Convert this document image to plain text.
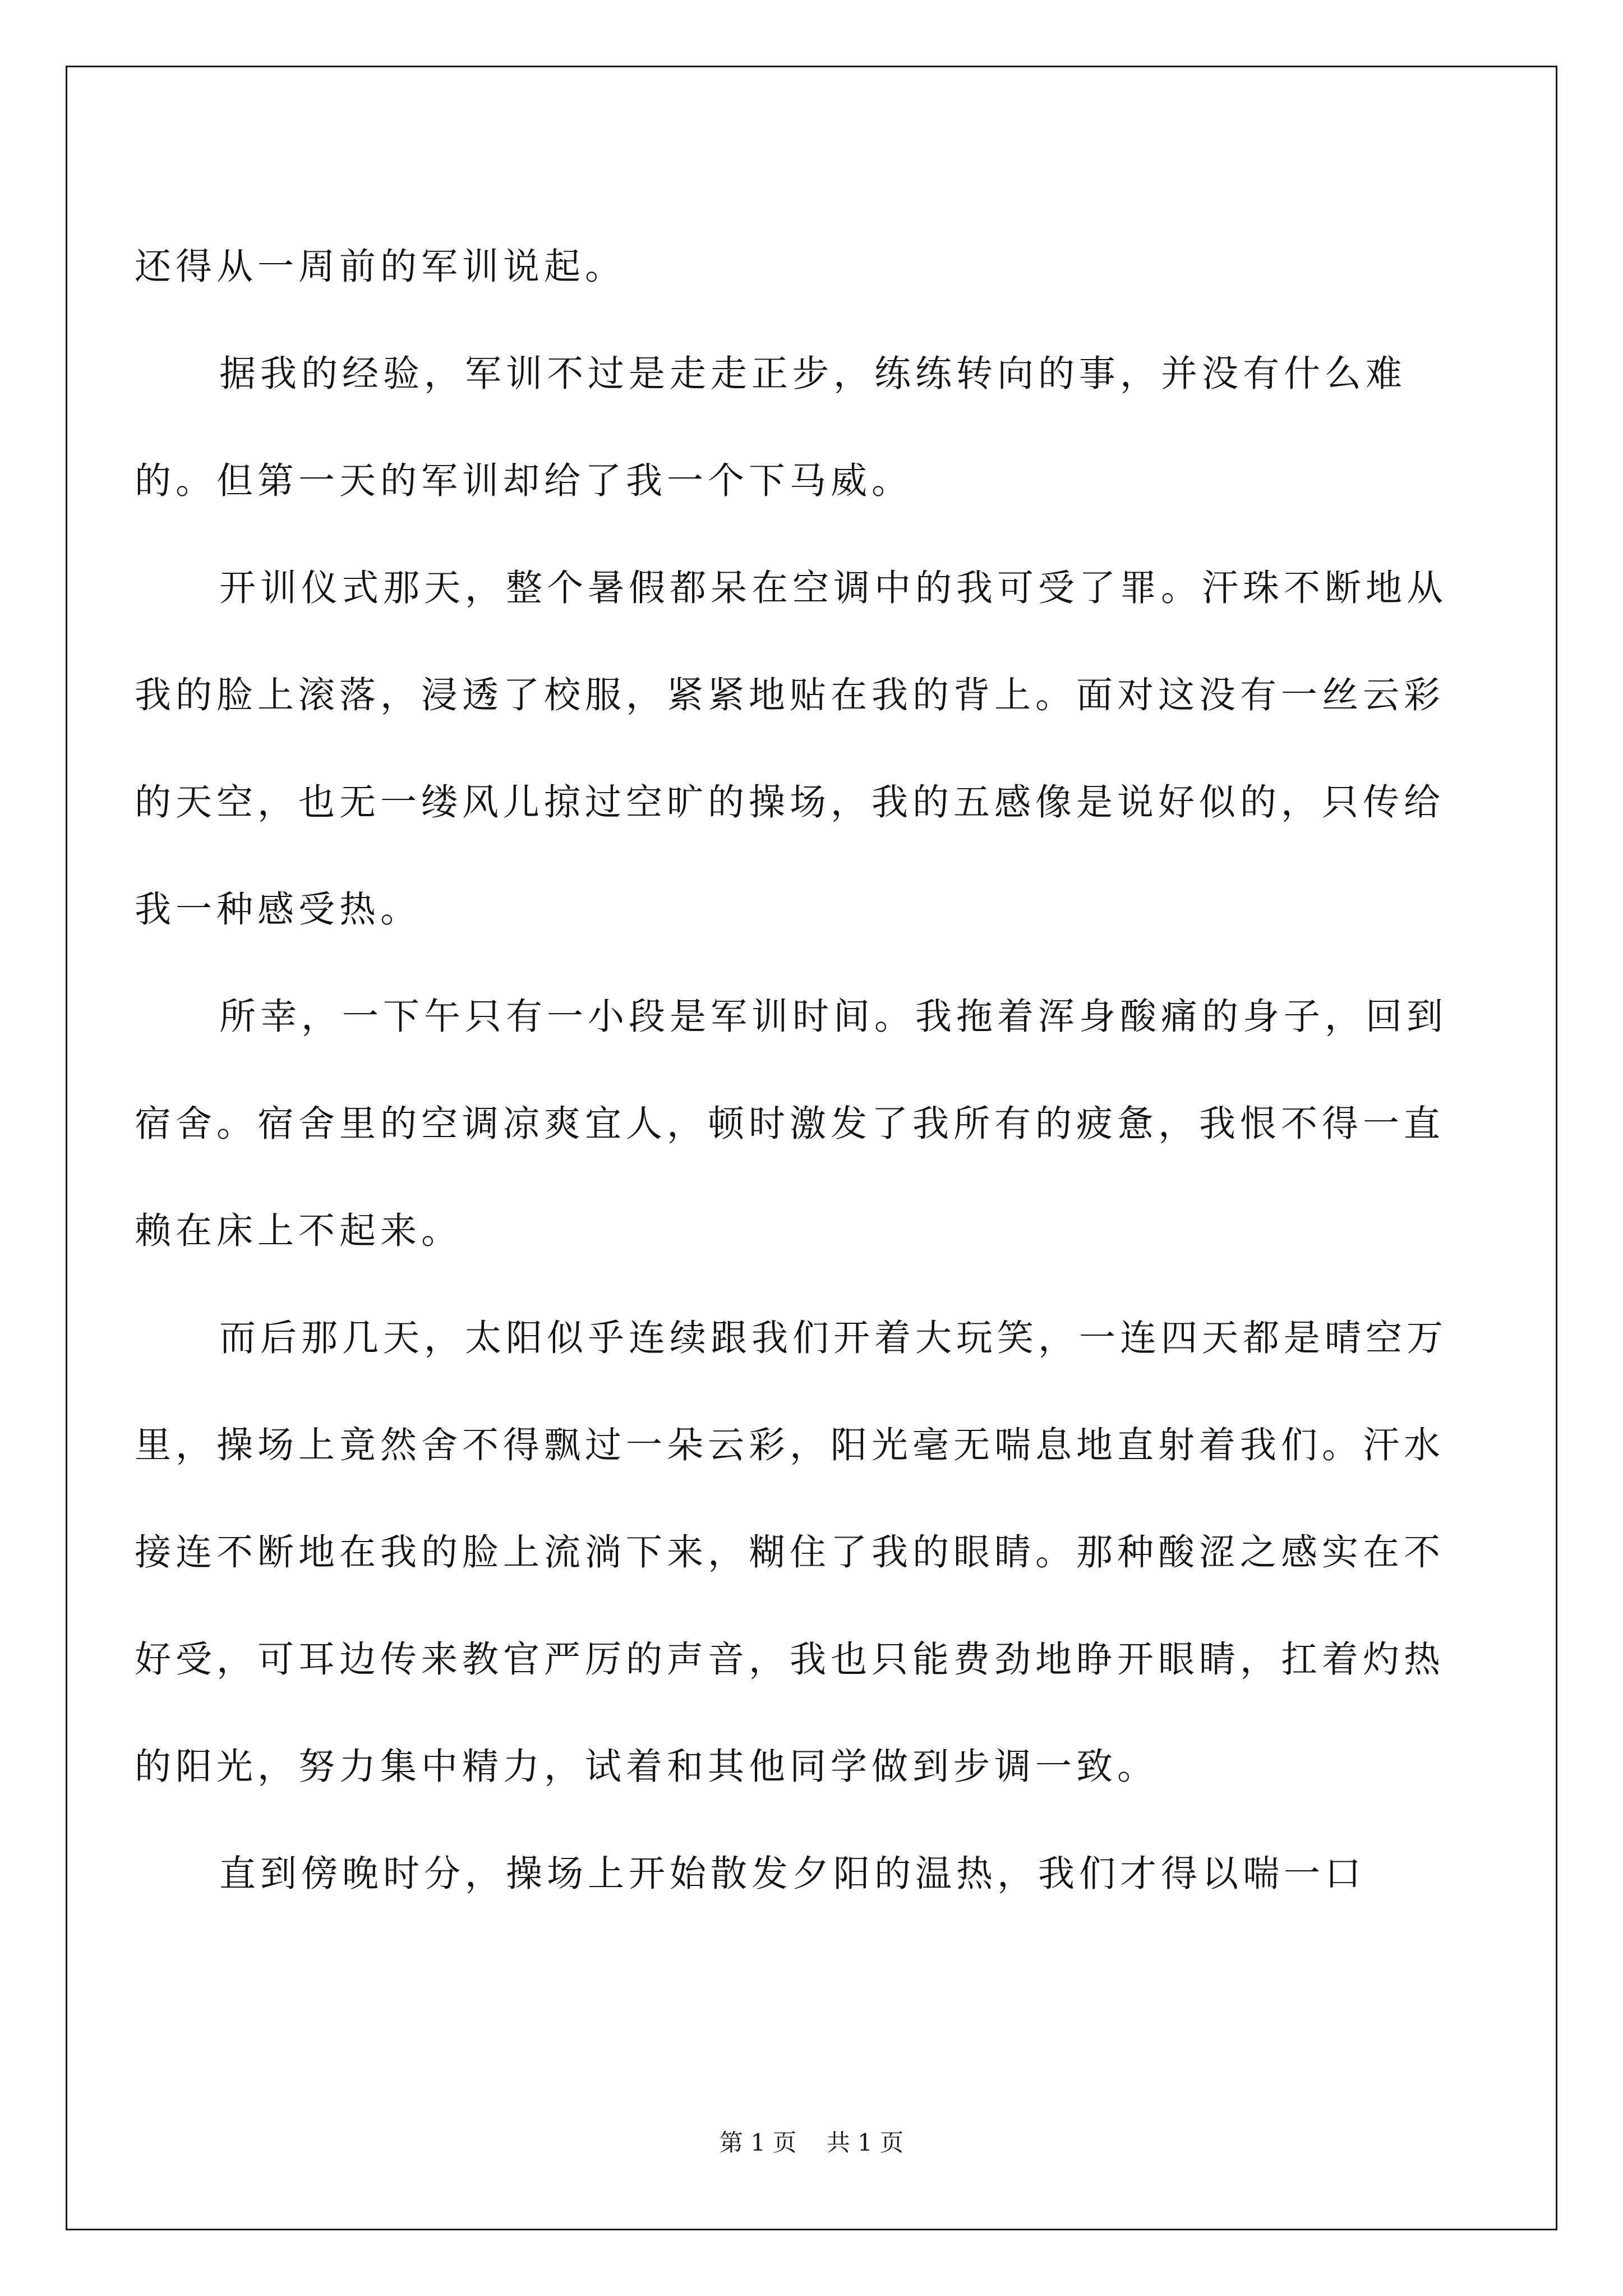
还得从一周前的军训说起。

据我的经验，军训不过是走走正步，练练转向的事，并没有什么难的。但第一天的军训却给了我一个下马威。

开训仪式那天，整个暑假都呆在空调中的我可受了罪。汗珠不断地从我的脸上滚落，浸透了校服，紧紧地贴在我的背上。面对这没有一丝云彩的天空，也无一缕风儿掠过空旷的操场，我的五感像是说好似的，只传给我一种感受热。

所幸，一下午只有一小段是军训时间。我拖着浑身酸痛的身子，回到宿舍。宿舍里的空调凉爽宜人，顿时激发了我所有的疲惫，我恨不得一直赖在床上不起来。

而后那几天，太阳似乎连续跟我们开着大玩笑，一连四天都是晴空万里，操场上竟然舍不得飘过一朵云彩，阳光毫无喘息地直射着我们。汗水接连不断地在我的脸上流淌下来，糊住了我的眼睛。那种酸涩之感实在不好受，可耳边传来教官严厉的声音，我也只能费劲地睁开眼睛，扛着灼热的阳光，努力集中精力，试着和其他同学做到步调一致。

直到傍晚时分，操场上开始散发夕阳的温热，我们才得以喘一口

第 1 页    共 1 页
